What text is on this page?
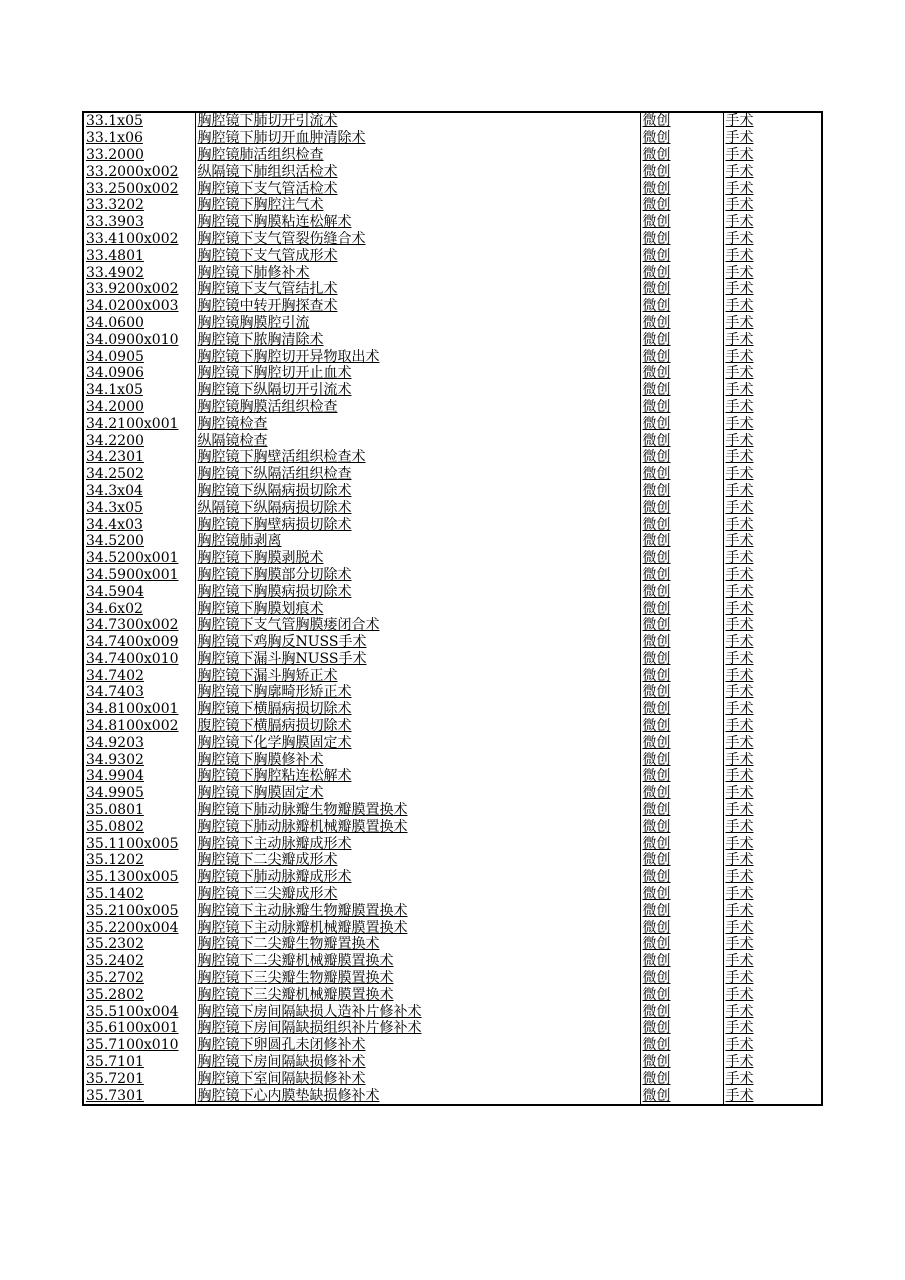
33.1x05	胸腔镜下肺切开引流术	微创	手术
33.1x06	胸腔镜下肺切开血肿清除术	微创	手术
33.2000	胸腔镜肺活组织检查	微创	手术
33.2000x002	纵隔镜下肺组织活检术	微创	手术
33.2500x002	胸腔镜下支气管活检术	微创	手术
33.3202	胸腔镜下胸腔注气术	微创	手术
33.3903	胸腔镜下胸膜粘连松解术	微创	手术
33.4100x002	胸腔镜下支气管裂伤缝合术	微创	手术
33.4801	胸腔镜下支气管成形术	微创	手术
33.4902	胸腔镜下肺修补术	微创	手术
33.9200x002	胸腔镜下支气管结扎术	微创	手术
34.0200x003	胸腔镜中转开胸探查术	微创	手术
34.0600	胸腔镜胸膜腔引流	微创	手术
34.0900x010	胸腔镜下脓胸清除术	微创	手术
34.0905	胸腔镜下胸腔切开异物取出术	微创	手术
34.0906	胸腔镜下胸腔切开止血术	微创	手术
34.1x05	胸腔镜下纵隔切开引流术	微创	手术
34.2000	胸腔镜胸膜活组织检查	微创	手术
34.2100x001	胸腔镜检查	微创	手术
34.2200	纵隔镜检查	微创	手术
34.2301	胸腔镜下胸壁活组织检查术	微创	手术
34.2502	胸腔镜下纵隔活组织检查	微创	手术
34.3x04	胸腔镜下纵隔病损切除术	微创	手术
34.3x05	纵隔镜下纵隔病损切除术	微创	手术
34.4x03	胸腔镜下胸壁病损切除术	微创	手术
34.5200	胸腔镜肺剥离	微创	手术
34.5200x001	胸腔镜下胸膜剥脱术	微创	手术
34.5900x001	胸腔镜下胸膜部分切除术	微创	手术
34.5904	胸腔镜下胸膜病损切除术	微创	手术
34.6x02	胸腔镜下胸膜划痕术	微创	手术
34.7300x002	胸腔镜下支气管胸膜瘘闭合术	微创	手术
34.7400x009	胸腔镜下鸡胸反NUSS手术	微创	手术
34.7400x010	胸腔镜下漏斗胸NUSS手术	微创	手术
34.7402	胸腔镜下漏斗胸矫正术	微创	手术
34.7403	胸腔镜下胸廓畸形矫正术	微创	手术
34.8100x001	胸腔镜下横膈病损切除术	微创	手术
34.8100x002	腹腔镜下横膈病损切除术	微创	手术
34.9203	胸腔镜下化学胸膜固定术	微创	手术
34.9302	胸腔镜下胸膜修补术	微创	手术
34.9904	胸腔镜下胸腔粘连松解术	微创	手术
34.9905	胸腔镜下胸膜固定术	微创	手术
35.0801	胸腔镜下肺动脉瓣生物瓣膜置换术	微创	手术
35.0802	胸腔镜下肺动脉瓣机械瓣膜置换术	微创	手术
35.1100x005	胸腔镜下主动脉瓣成形术	微创	手术
35.1202	胸腔镜下二尖瓣成形术	微创	手术
35.1300x005	胸腔镜下肺动脉瓣成形术	微创	手术
35.1402	胸腔镜下三尖瓣成形术	微创	手术
35.2100x005	胸腔镜下主动脉瓣生物瓣膜置换术	微创	手术
35.2200x004	胸腔镜下主动脉瓣机械瓣膜置换术	微创	手术
35.2302	胸腔镜下二尖瓣生物瓣置换术	微创	手术
35.2402	胸腔镜下二尖瓣机械瓣膜置换术	微创	手术
35.2702	胸腔镜下三尖瓣生物瓣膜置换术	微创	手术
35.2802	胸腔镜下三尖瓣机械瓣膜置换术	微创	手术
35.5100x004	胸腔镜下房间隔缺损人造补片修补术	微创	手术
35.6100x001	胸腔镜下房间隔缺损组织补片修补术	微创	手术
35.7100x010	胸腔镜下卵圆孔未闭修补术	微创	手术
35.7101	胸腔镜下房间隔缺损修补术	微创	手术
35.7201	胸腔镜下室间隔缺损修补术	微创	手术
35.7301	胸腔镜下心内膜垫缺损修补术	微创	手术
